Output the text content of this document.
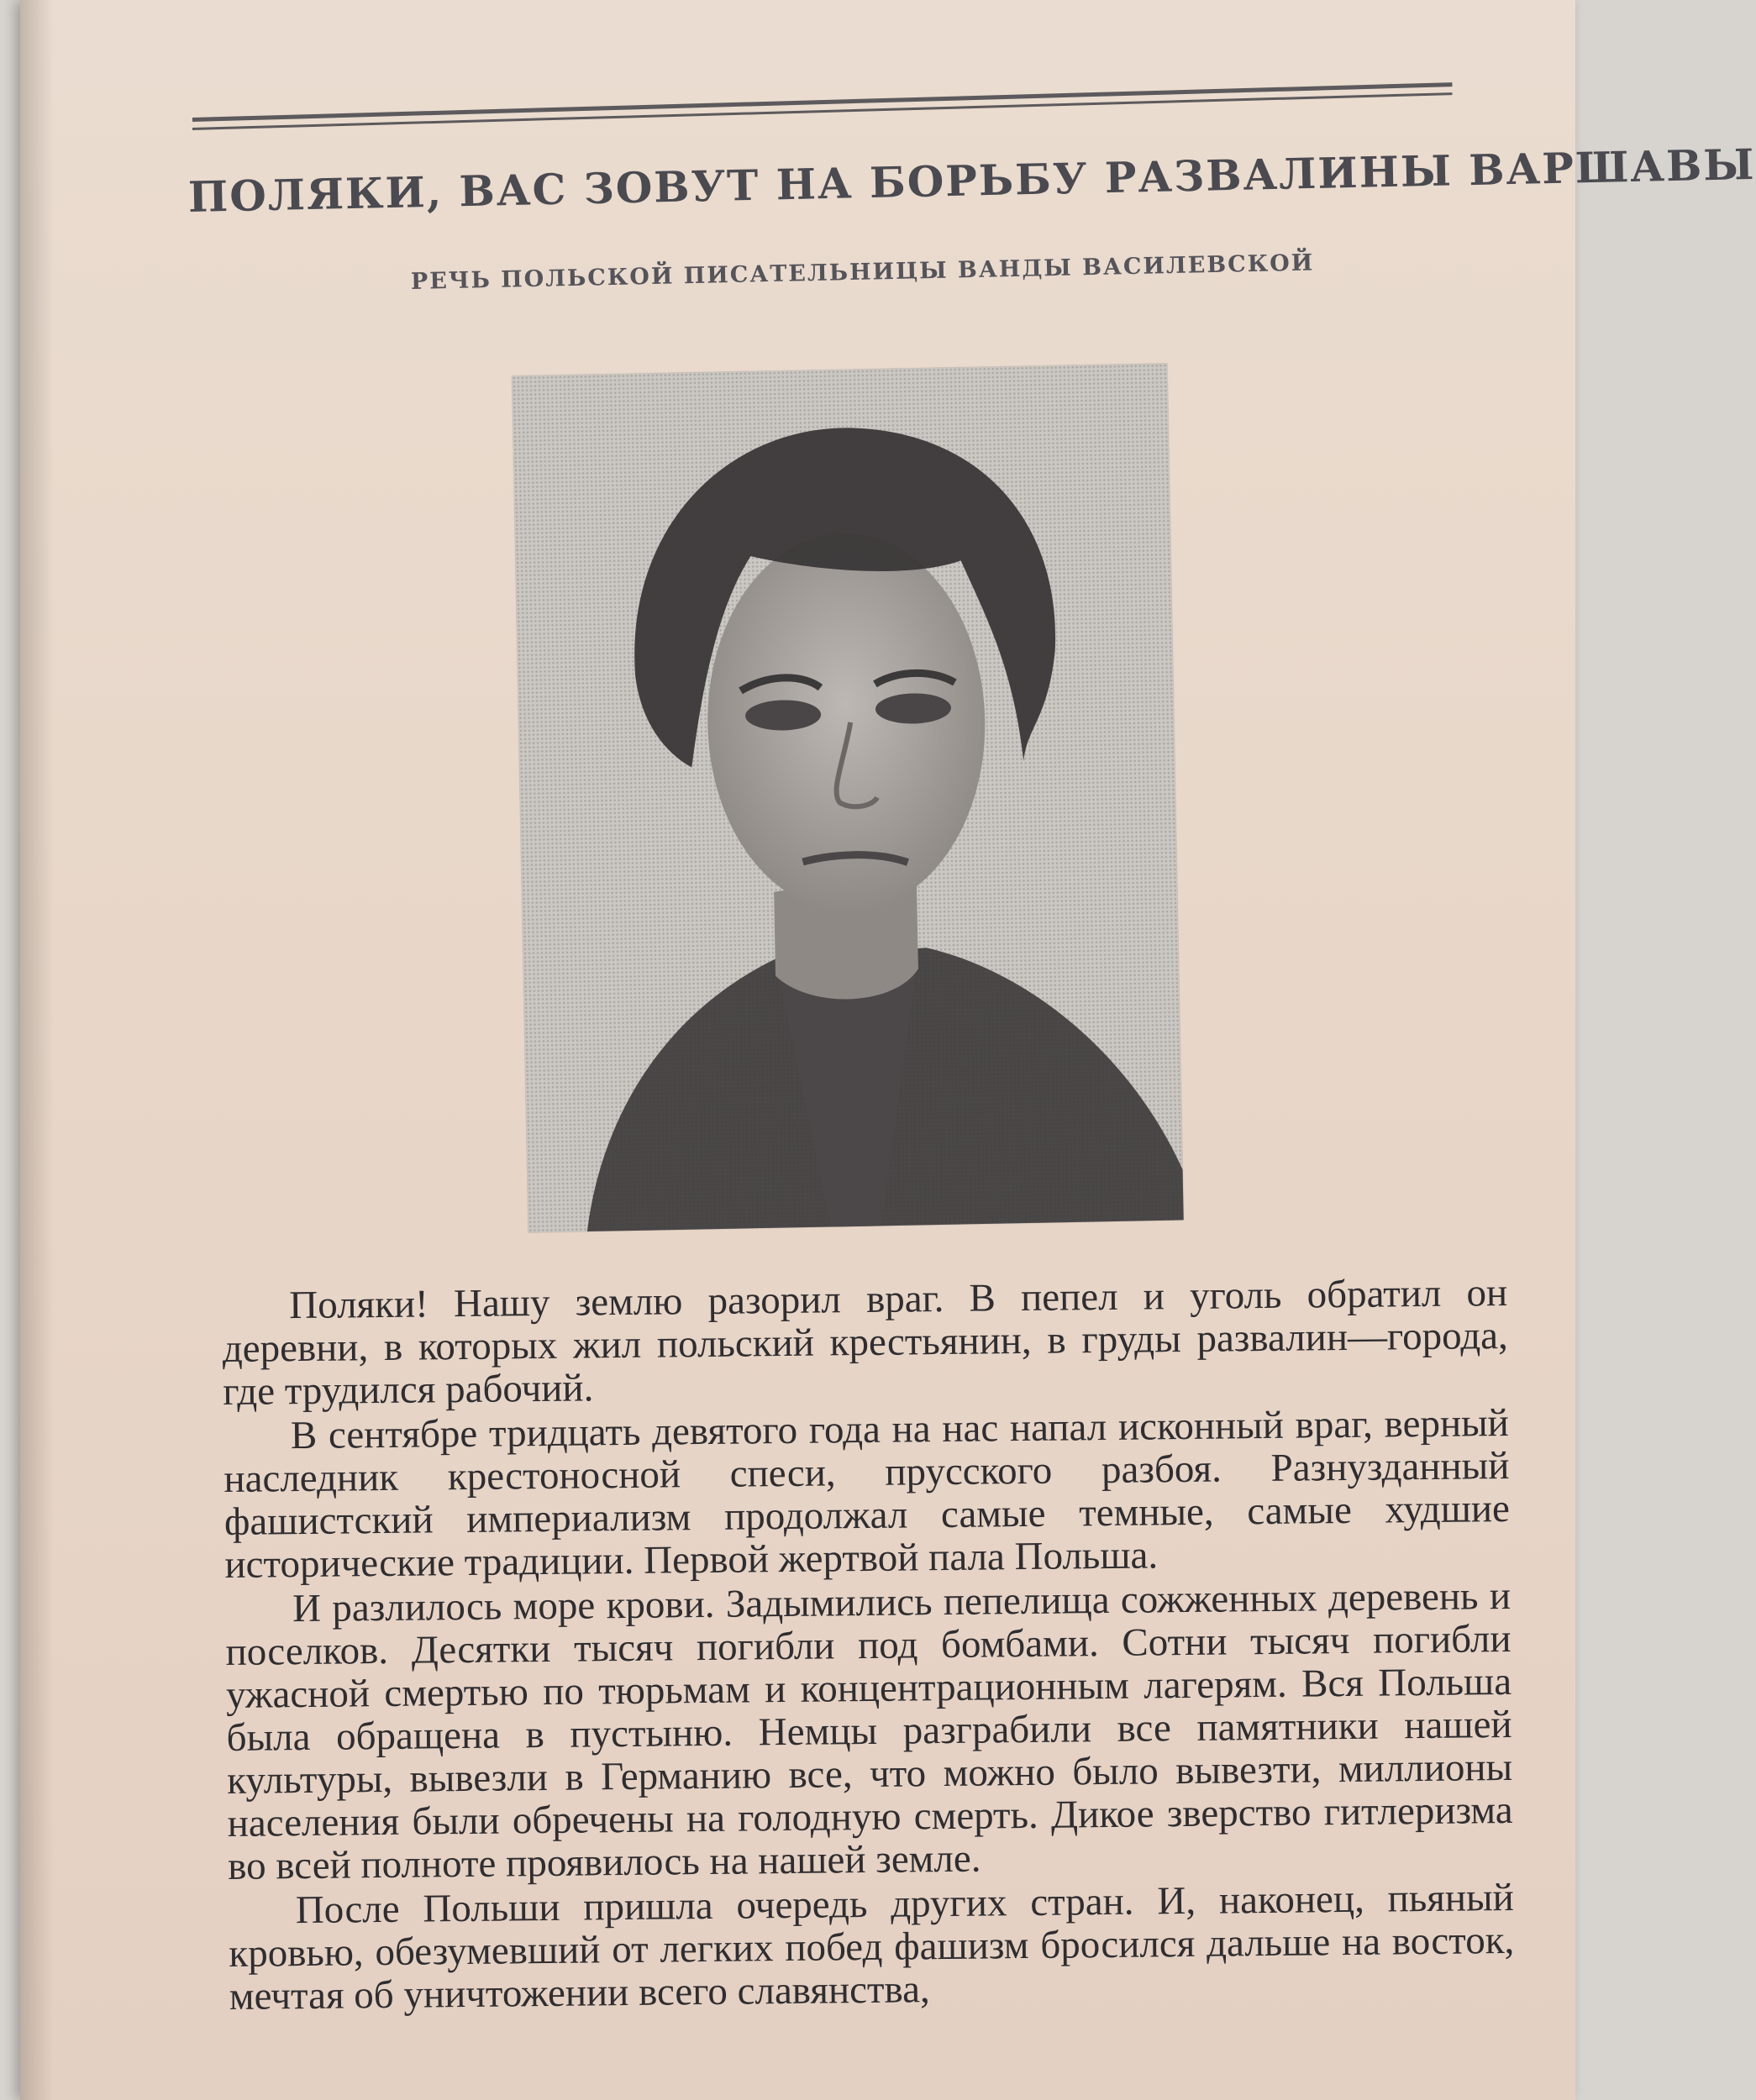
ПОЛЯКИ, ВАС ЗОВУТ НА БОРЬБУ РАЗВАЛИНЫ ВАРШАВЫ
РЕЧЬ ПОЛЬСКОЙ ПИСАТЕЛЬНИЦЫ ВАНДЫ ВАСИЛЕВСКОЙ

Поляки! Нашу землю разорил враг. В пепел и уголь обратил он деревни, в которых жил польский крестьянин, в груды развалин—города, где трудился рабочий.

В сентябре тридцать девятого года на нас напал исконный враг, верный наследник крестоносной спеси, прусского разбоя. Разнузданный фашистский империализм продолжал самые темные, самые худшие исторические традиции. Первой жертвой пала Польша.

И разлилось море крови. Задымились пепелища сожженных деревень и поселков. Десятки тысяч погибли под бомбами. Сотни тысяч погибли ужасной смертью по тюрьмам и концентрационным лагерям. Вся Польша была обращена в пустыню. Немцы разграбили все памятники нашей культуры, вывезли в Германию все, что можно было вывезти, миллионы населения были обречены на голодную смерть. Дикое зверство гитлеризма во всей полноте проявилось на нашей земле.

После Польши пришла очередь других стран. И, наконец, пьяный кровью, обезумевший от легких побед фашизм бросился дальше на восток, мечтая об уничтожении всего славянства,
